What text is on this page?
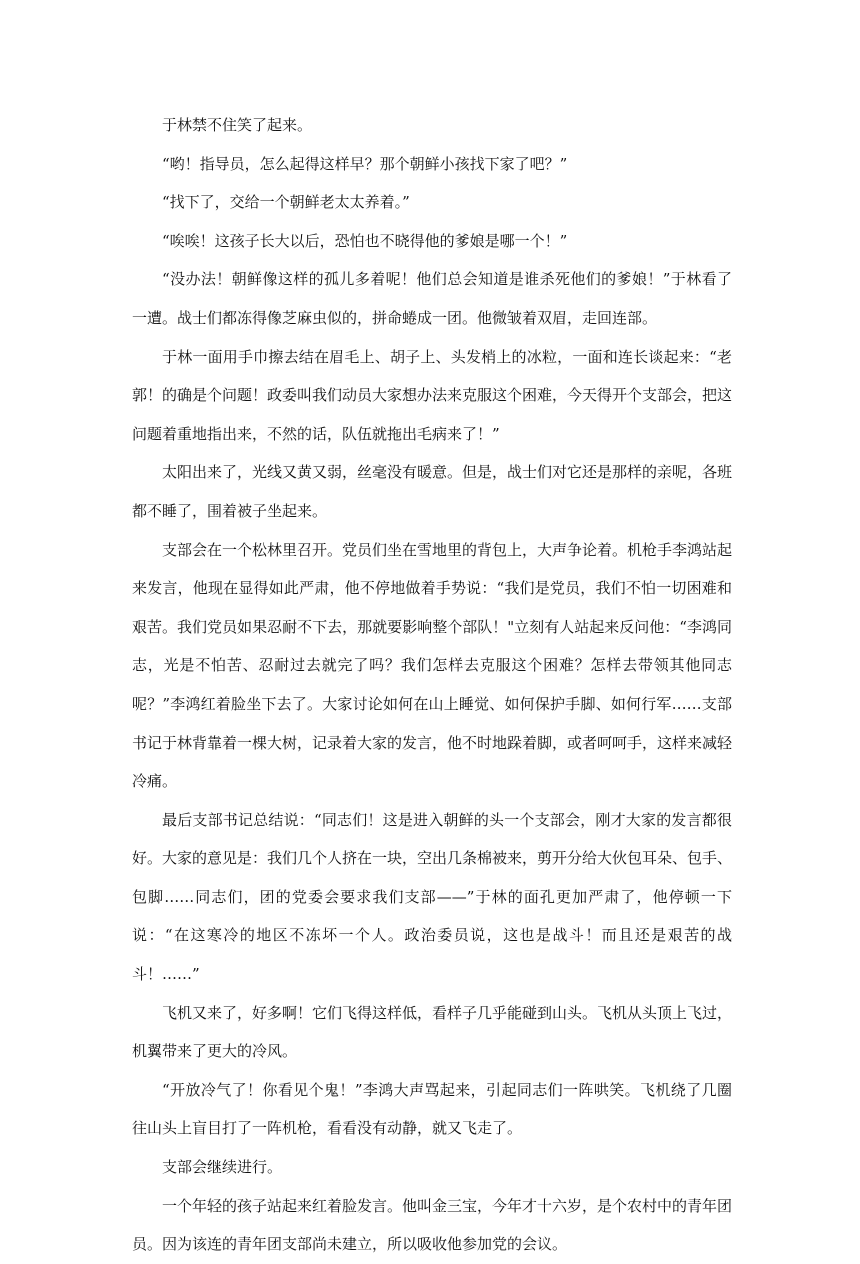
于林禁不住笑了起来。

“哟！指导员，怎么起得这样早？那个朝鲜小孩找下家了吧？”

“找下了，交给一个朝鲜老太太养着。”

“唉唉！这孩子长大以后，恐怕也不晓得他的爹娘是哪一个！”

“没办法！朝鲜像这样的孤儿多着呢！他们总会知道是谁杀死他们的爹娘！”于林看了一遭。战士们都冻得像芝麻虫似的，拼命蜷成一团。他微皱着双眉，走回连部。

于林一面用手巾擦去结在眉毛上、胡子上、头发梢上的冰粒，一面和连长谈起来：“老郭！的确是个问题！政委叫我们动员大家想办法来克服这个困难，今天得开个支部会，把这问题着重地指出来，不然的话，队伍就拖出毛病来了！”

太阳出来了，光线又黄又弱，丝毫没有暖意。但是，战士们对它还是那样的亲呢，各班都不睡了，围着被子坐起来。

支部会在一个松林里召开。党员们坐在雪地里的背包上，大声争论着。机枪手李鸿站起来发言，他现在显得如此严肃，他不停地做着手势说：“我们是党员，我们不怕一切困难和艰苦。我们党员如果忍耐不下去，那就要影响整个部队！"立刻有人站起来反问他：“李鸿同志，光是不怕苦、忍耐过去就完了吗？我们怎样去克服这个困难？怎样去带领其他同志呢？”李鸿红着脸坐下去了。大家讨论如何在山上睡觉、如何保护手脚、如何行军……支部书记于林背靠着一棵大树，记录着大家的发言，他不时地跺着脚，或者呵呵手，这样来减轻冷痛。

最后支部书记总结说：“同志们！这是进入朝鲜的头一个支部会，刚才大家的发言都很好。大家的意见是：我们几个人挤在一块，空出几条棉被来，剪开分给大伙包耳朵、包手、包脚……同志们，团的党委会要求我们支部——”于林的面孔更加严肃了，他停顿一下说：“在这寒冷的地区不冻坏一个人。政治委员说，这也是战斗！而且还是艰苦的战斗！……”

飞机又来了，好多啊！它们飞得这样低，看样子几乎能碰到山头。飞机从头顶上飞过，机翼带来了更大的冷风。

“开放冷气了！你看见个鬼！”李鸿大声骂起来，引起同志们一阵哄笑。飞机绕了几圈往山头上盲目打了一阵机枪，看看没有动静，就又飞走了。

支部会继续进行。

一个年轻的孩子站起来红着脸发言。他叫金三宝，今年才十六岁，是个农村中的青年团员。因为该连的青年团支部尚未建立，所以吸收他参加党的会议。
